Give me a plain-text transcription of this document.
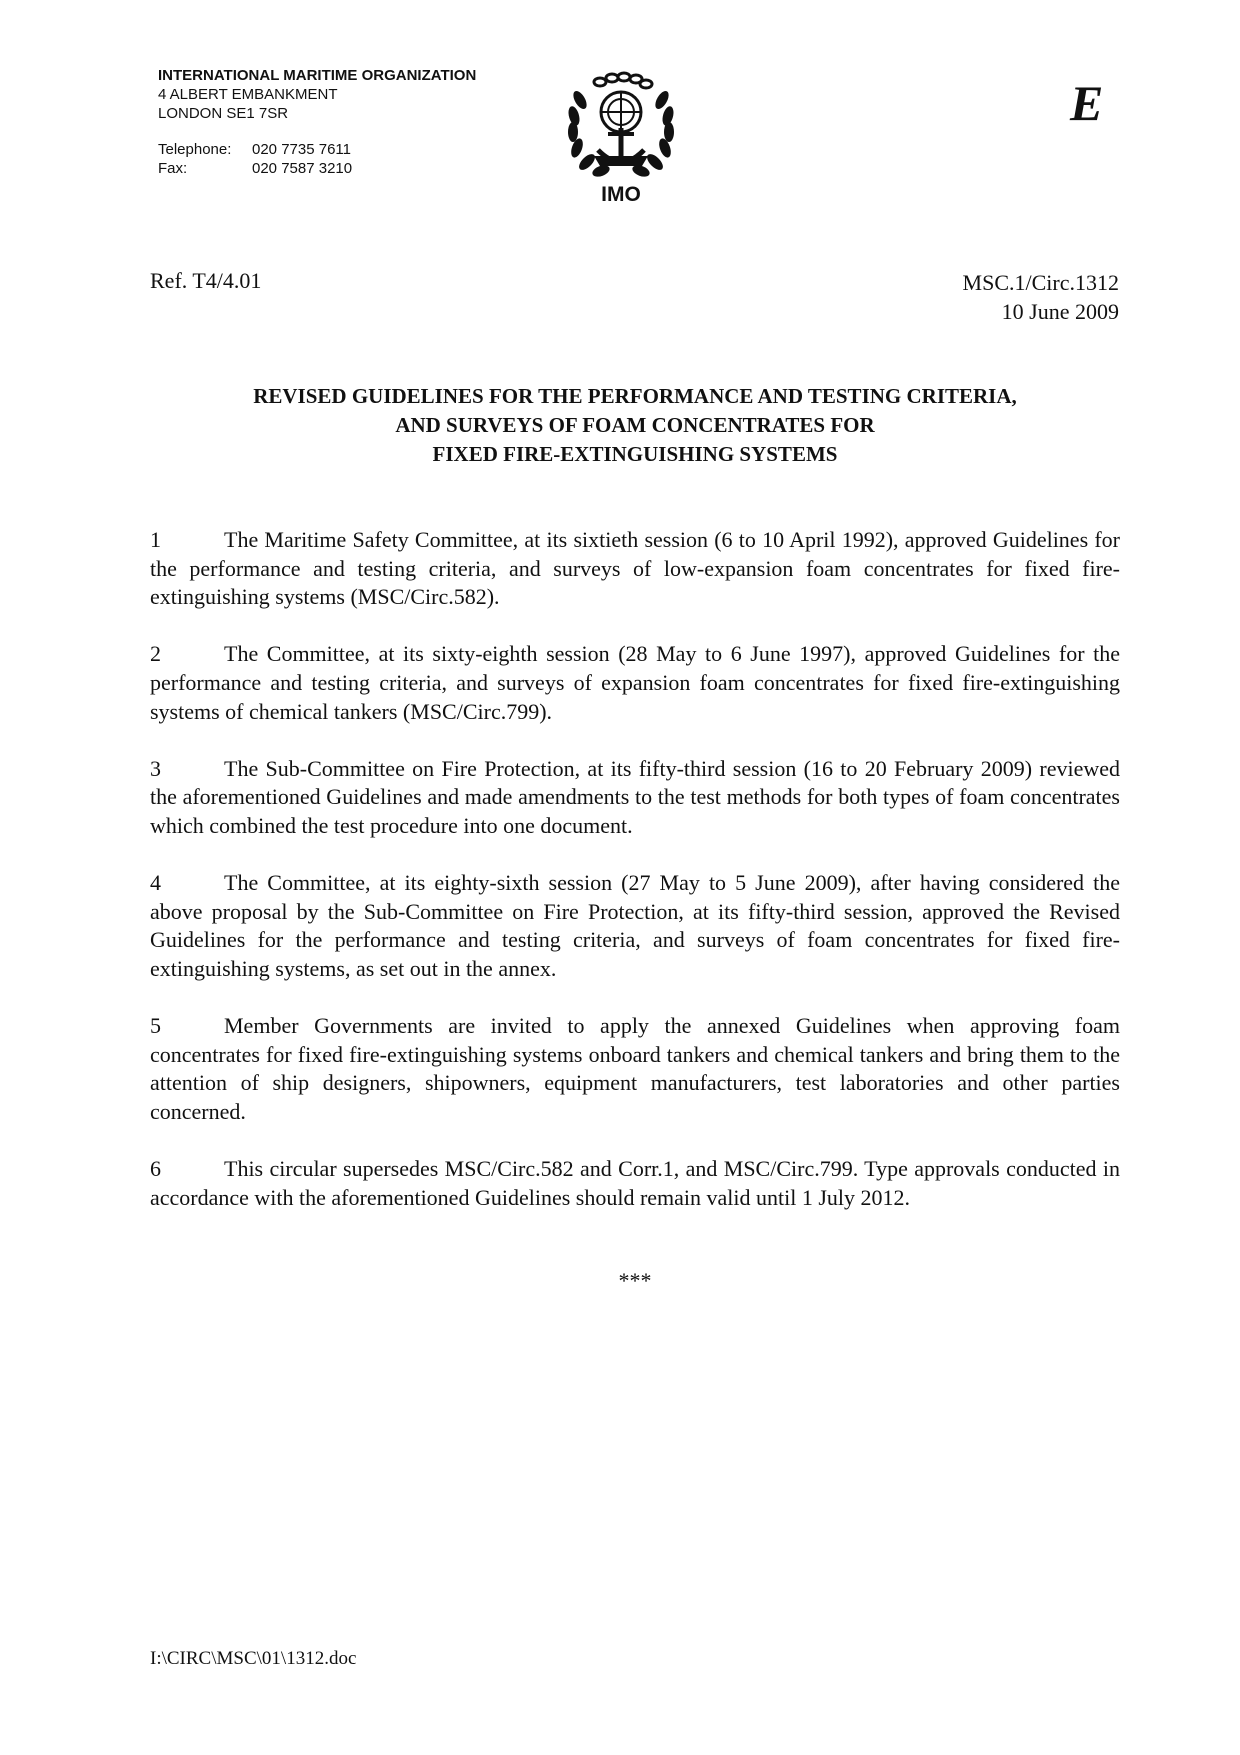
INTERNATIONAL MARITIME ORGANIZATION
4 ALBERT EMBANKMENT
LONDON SE1 7SR
Telephone:	020 7735 7611
Fax:	020 7587 3210
IMO
E
Ref. T4/4.01	MSC.1/Circ.1312
10 June 2009
REVISED GUIDELINES FOR THE PERFORMANCE AND TESTING CRITERIA,
AND SURVEYS OF FOAM CONCENTRATES FOR
FIXED FIRE-EXTINGUISHING SYSTEMS

1	The Maritime Safety Committee, at its sixtieth session (6 to 10 April 1992), approved Guidelines for the performance and testing criteria, and surveys of low-expansion foam concentrates for fixed fire-extinguishing systems (MSC/Circ.582).

2	The Committee, at its sixty-eighth session (28 May to 6 June 1997), approved Guidelines for the performance and testing criteria, and surveys of expansion foam concentrates for fixed fire-extinguishing systems of chemical tankers (MSC/Circ.799).

3	The Sub-Committee on Fire Protection, at its fifty-third session (16 to 20 February 2009) reviewed the aforementioned Guidelines and made amendments to the test methods for both types of foam concentrates which combined the test procedure into one document.

4	The Committee, at its eighty-sixth session (27 May to 5 June 2009), after having considered the above proposal by the Sub-Committee on Fire Protection, at its fifty-third session, approved the Revised Guidelines for the performance and testing criteria, and surveys of foam concentrates for fixed fire-extinguishing systems, as set out in the annex.

5	Member Governments are invited to apply the annexed Guidelines when approving foam concentrates for fixed fire-extinguishing systems onboard tankers and chemical tankers and bring them to the attention of ship designers, shipowners, equipment manufacturers, test laboratories and other parties concerned.

6	This circular supersedes MSC/Circ.582 and Corr.1, and MSC/Circ.799. Type approvals conducted in accordance with the aforementioned Guidelines should remain valid until 1 July 2012.

***
I:\CIRC\MSC\01\1312.doc
